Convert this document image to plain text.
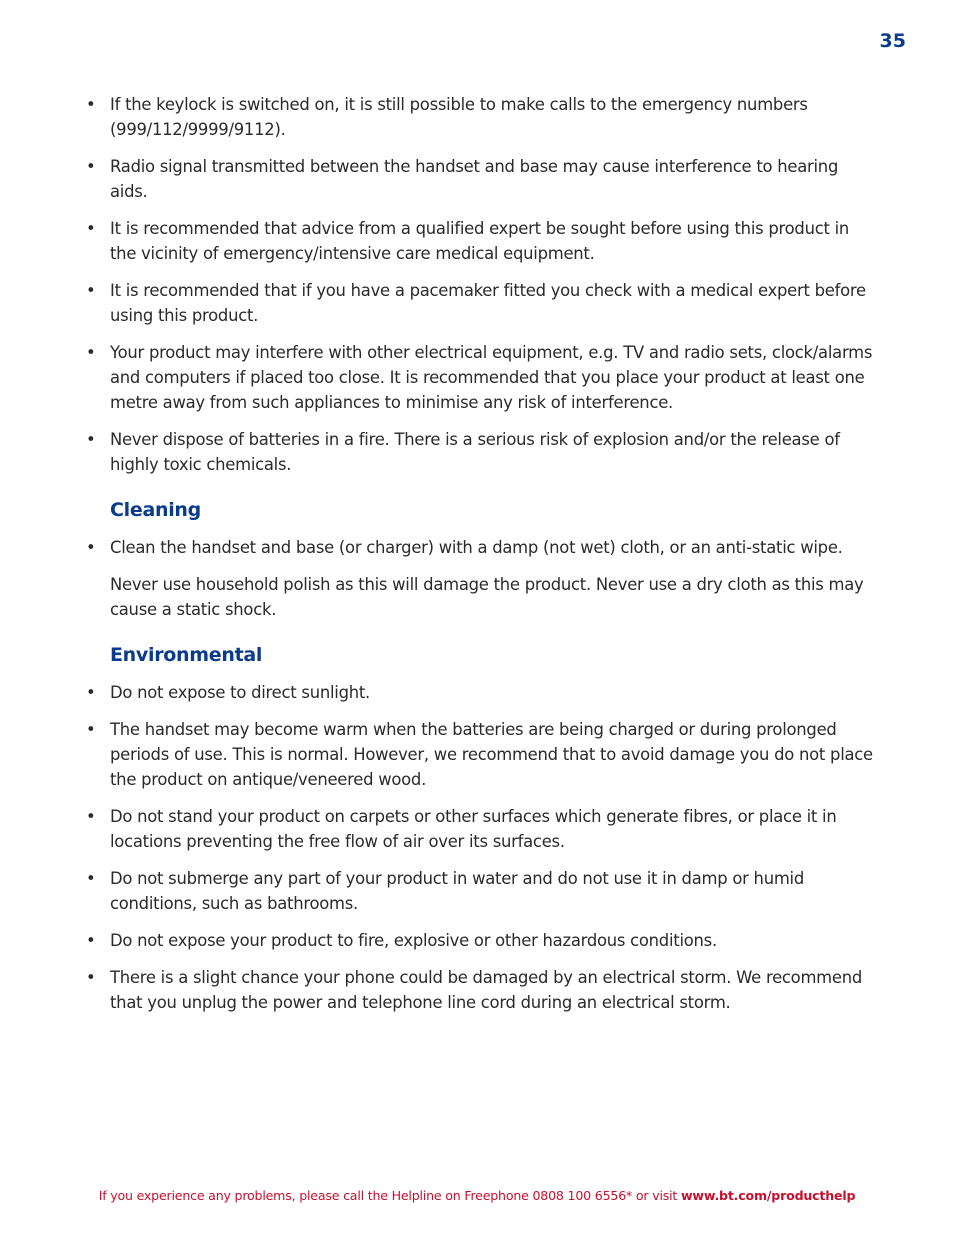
35
• If the keylock is switched on, it is still possible to make calls to the emergency numbers (999/112/9999/9112).
• Radio signal transmitted between the handset and base may cause interference to hearing aids.
• It is recommended that advice from a qualified expert be sought before using this product in the vicinity of emergency/intensive care medical equipment.
• It is recommended that if you have a pacemaker fitted you check with a medical expert before using this product.
• Your product may interfere with other electrical equipment, e.g. TV and radio sets, clock/alarms and computers if placed too close. It is recommended that you place your product at least one metre away from such appliances to minimise any risk of interference.
• Never dispose of batteries in a fire. There is a serious risk of explosion and/or the release of highly toxic chemicals.
Cleaning
• Clean the handset and base (or charger) with a damp (not wet) cloth, or an anti-static wipe.

Never use household polish as this will damage the product. Never use a dry cloth as this may cause a static shock.

Environmental
• Do not expose to direct sunlight.
• The handset may become warm when the batteries are being charged or during prolonged periods of use. This is normal. However, we recommend that to avoid damage you do not place the product on antique/veneered wood.
• Do not stand your product on carpets or other surfaces which generate fibres, or place it in locations preventing the free flow of air over its surfaces.
• Do not submerge any part of your product in water and do not use it in damp or humid conditions, such as bathrooms.
• Do not expose your product to fire, explosive or other hazardous conditions.
• There is a slight chance your phone could be damaged by an electrical storm. We recommend that you unplug the power and telephone line cord during an electrical storm.
If you experience any problems, please call the Helpline on Freephone 0808 100 6556* or visit www.bt.com/producthelp
